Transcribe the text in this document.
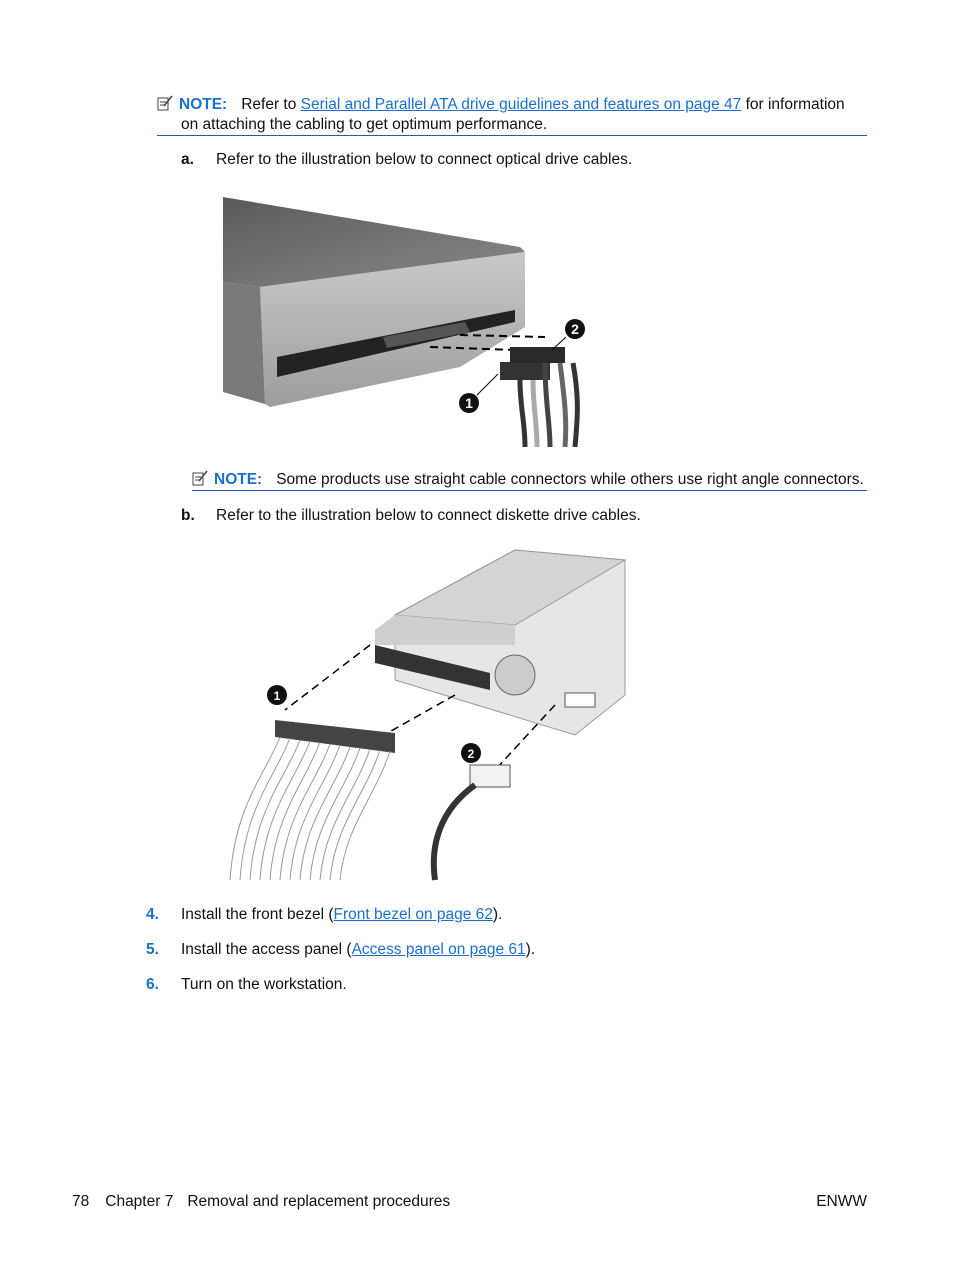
NOTE: Refer to Serial and Parallel ATA drive guidelines and features on page 47 for information
on attaching the cabling to get optimum performance.
a. Refer to the illustration below to connect optical drive cables.
2
1
NOTE: Some products use straight cable connectors while others use right angle connectors.
b. Refer to the illustration below to connect diskette drive cables.
1
2
4. Install the front bezel (Front bezel on page 62).
5. Install the access panel (Access panel on page 61).
6. Turn on the workstation.
78 Chapter 7 Removal and replacement procedures	ENWW
